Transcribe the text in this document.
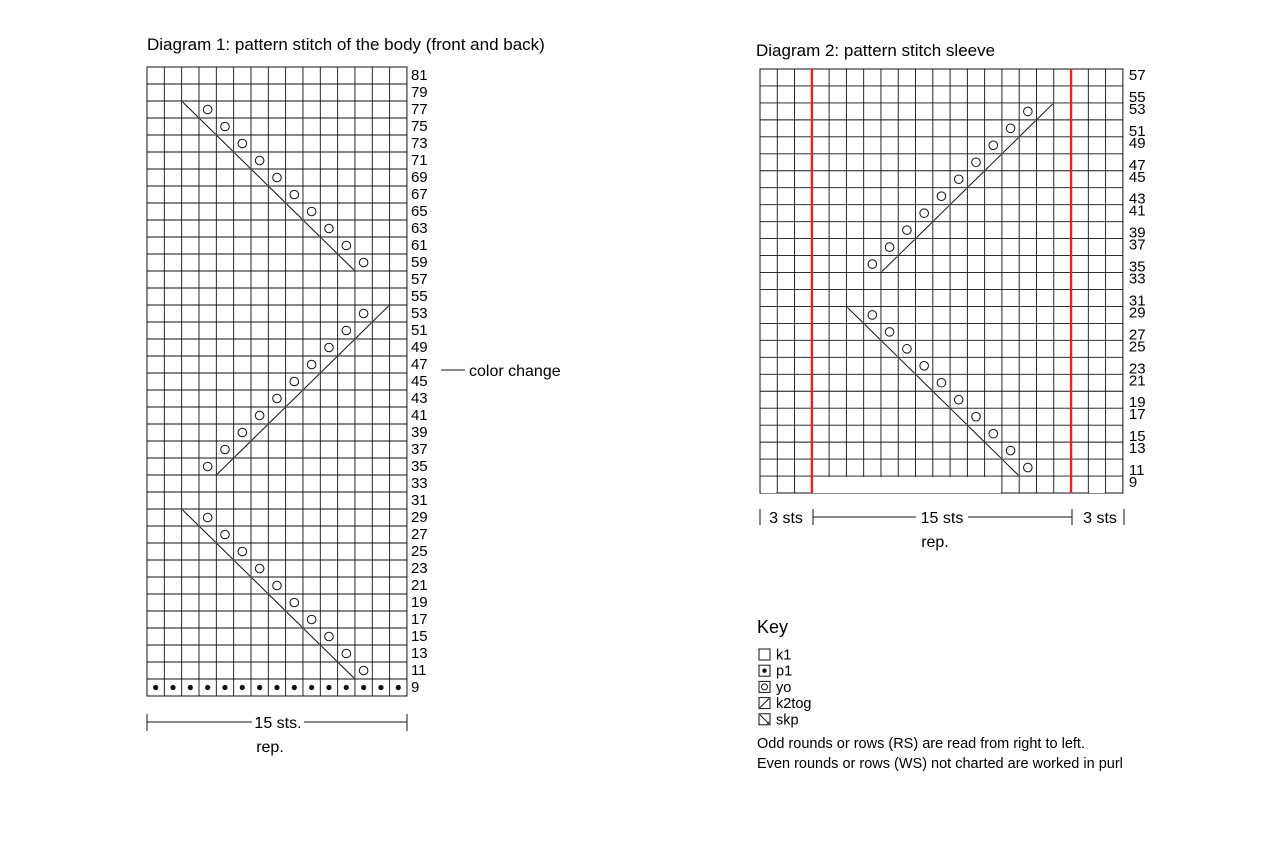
Diagram 1: pattern stitch of the body (front and back)
81
79
77
75
73
71
69
67
65
63
61
59
57
55
53
51
49
47
45
43
41
39
37
35
33
31
29
27
25
23
21
19
17
15
13
11
9
color change
15 sts.
rep.
Diagram 2: pattern stitch sleeve
57
55
53
51
49
47
45
43
41
39
37
35
33
31
29
27
25
23
21
19
17
15
13
11
9
3 sts	15 sts	3 sts
rep.
Key
k1
p1
yo
k2tog
skp
Odd rounds or rows (RS) are read from right to left.
Even rounds or rows (WS) not charted are worked in purl
